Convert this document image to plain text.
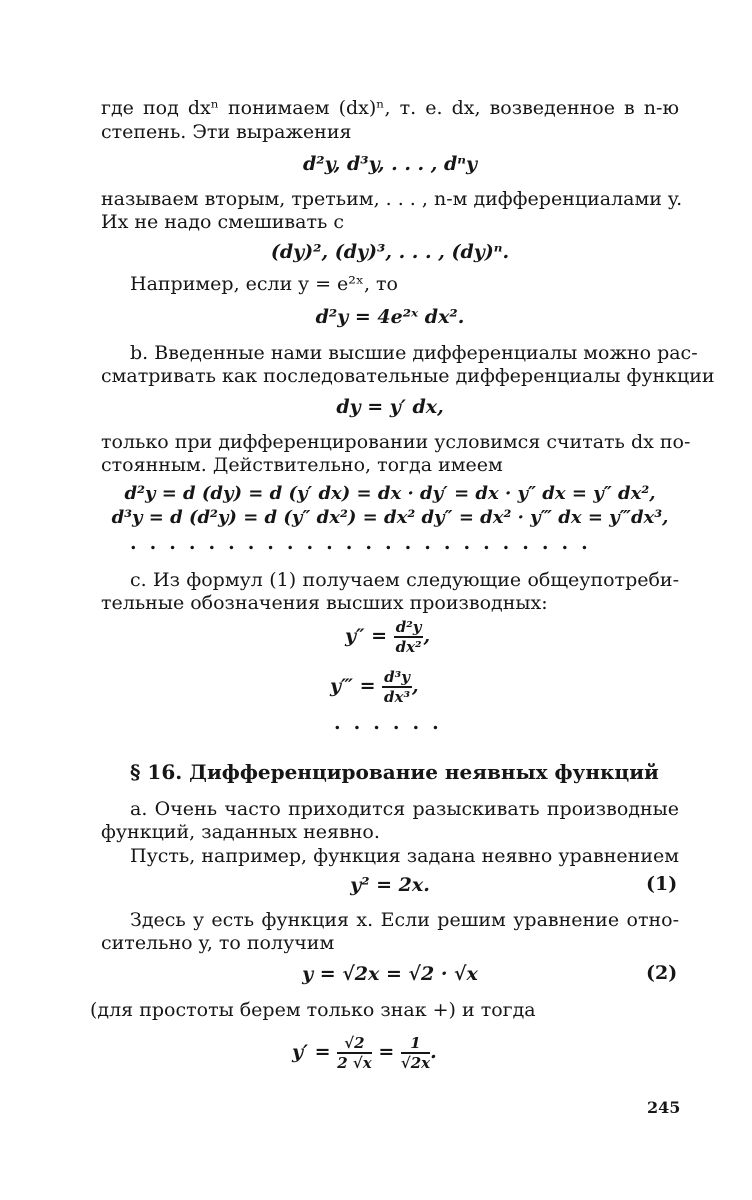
где под dxⁿ понимаем (dx)ⁿ, т. е. dx, возведенное в n-ю
степень. Эти выражения
d²y, d³y, . . . , dⁿy
называем вторым, третьим, . . . , n-м дифференциалами y.
Их не надо смешивать с
(dy)², (dy)³, . . . , (dy)ⁿ.
Например, если y = e²ˣ, то
d²y = 4e²ˣ dx².
b. Введенные нами высшие дифференциалы можно рас-
сматривать как последовательные дифференциалы функции
dy = y′ dx,
только при дифференцировании условимся считать dx по-
стоянным. Действительно, тогда имеем
d²y = d (dy) = d (y′ dx) = dx · dy′ = dx · y″ dx = y″ dx²,
d³y = d (d²y) = d (y″ dx²) = dx² dy″ = dx² · y‴ dx = y‴dx³,
........................
c. Из формул (1) получаем следующие общеупотреби-
тельные обозначения высших производных:
$y'' = \frac{\text{d²y}}{\text{dx²}}$ ,
y‴ = $\frac{\text{d³y}}{\text{dx³}}$ ,
......
§ 16. Дифференцирование неявных функций
a. Очень часто приходится разыскивать производные
функций, заданных неявно.
Пусть, например, функция задана неявно уравнением
y² = 2x.	(1)
Здесь y есть функция x. Если решим уравнение отно-
сительно y, то получим
y = √2x = √2 · √x	(2)
(для простоты берем только знак +) и тогда
$y' = \frac{√2}{2 √x} = \frac{1}{√2x}$ .
245
